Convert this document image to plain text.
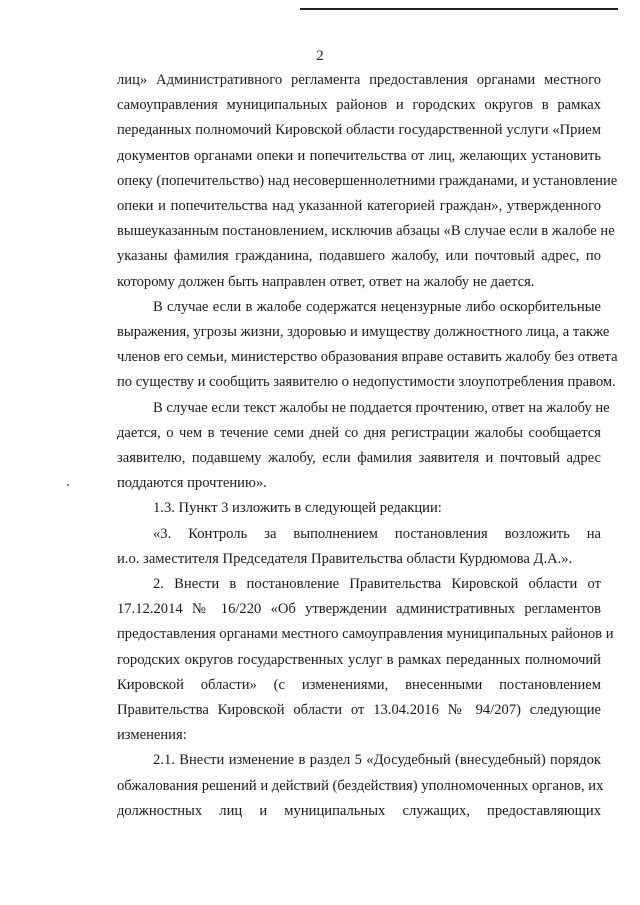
2
лиц» Административного регламента предоставления органами местного
самоуправления муниципальных районов и городских округов в рамках
переданных полномочий Кировской области государственной услуги «Прием
документов органами опеки и попечительства от лиц, желающих установить
опеку (попечительство) над несовершеннолетними гражданами, и установление
опеки и попечительства над указанной категорией граждан», утвержденного
вышеуказанным постановлением, исключив абзацы «В случае если в жалобе не
указаны фамилия гражданина, подавшего жалобу, или почтовый адрес, по
которому должен быть направлен ответ, ответ на жалобу не дается.
В случае если в жалобе содержатся нецензурные либо оскорбительные
выражения, угрозы жизни, здоровью и имуществу должностного лица, а также
членов его семьи, министерство образования вправе оставить жалобу без ответа
по существу и сообщить заявителю о недопустимости злоупотребления правом.
В случае если текст жалобы не поддается прочтению, ответ на жалобу не
дается, о чем в течение семи дней со дня регистрации жалобы сообщается
заявителю, подавшему жалобу, если фамилия заявителя и почтовый адрес
поддаются прочтению».
1.3. Пункт 3 изложить в следующей редакции:
«3. Контроль за выполнением постановления возложить на
и.о. заместителя Председателя Правительства области Курдюмова Д.А.».
2. Внести в постановление Правительства Кировской области от
17.12.2014 № 16/220 «Об утверждении административных регламентов
предоставления органами местного самоуправления муниципальных районов и
городских округов государственных услуг в рамках переданных полномочий
Кировской области» (с изменениями, внесенными постановлением
Правительства Кировской области от 13.04.2016 № 94/207) следующие
изменения:
2.1. Внести изменение в раздел 5 «Досудебный (внесудебный) порядок
обжалования решений и действий (бездействия) уполномоченных органов, их
должностных лиц и муниципальных служащих, предоставляющих
